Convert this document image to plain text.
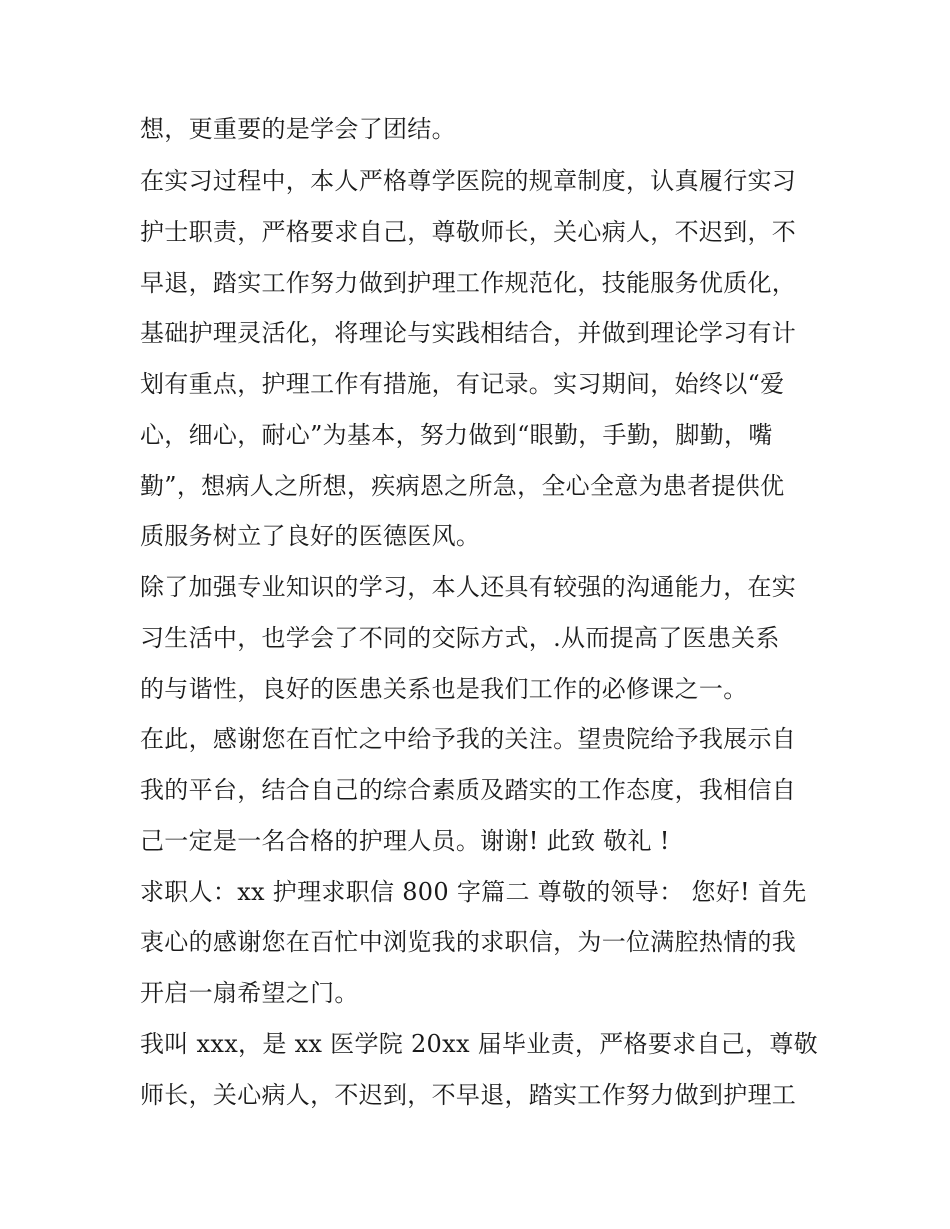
想，更重要的是学会了团结。
在实习过程中，本人严格尊学医院的规章制度，认真履行实习
护士职责，严格要求自己，尊敬师长，关心病人，不迟到，不
早退，踏实工作努力做到护理工作规范化，技能服务优质化，
基础护理灵活化，将理论与实践相结合，并做到理论学习有计
划有重点，护理工作有措施，有记录。实习期间，始终以“爱
心，细心，耐心”为基本，努力做到“眼勤，手勤，脚勤，嘴
勤”，想病人之所想，疾病恩之所急，全心全意为患者提供优
质服务树立了良好的医德医风。
除了加强专业知识的学习，本人还具有较强的沟通能力，在实
习生活中，也学会了不同的交际方式，.从而提高了医患关系
的与谐性，良好的医患关系也是我们工作的必修课之一。
在此，感谢您在百忙之中给予我的关注。望贵院给予我展示自
我的平台，结合自己的综合素质及踏实的工作态度，我相信自
己一定是一名合格的护理人员。谢谢! 此致 敬礼 !
求职人：xx 护理求职信 800 字篇二 尊敬的领导： 您好! 首先
衷心的感谢您在百忙中浏览我的求职信，为一位满腔热情的我
开启一扇希望之门。
我叫 xxx，是 xx 医学院 20xx 届毕业责，严格要求自己，尊敬
师长，关心病人，不迟到，不早退，踏实工作努力做到护理工
